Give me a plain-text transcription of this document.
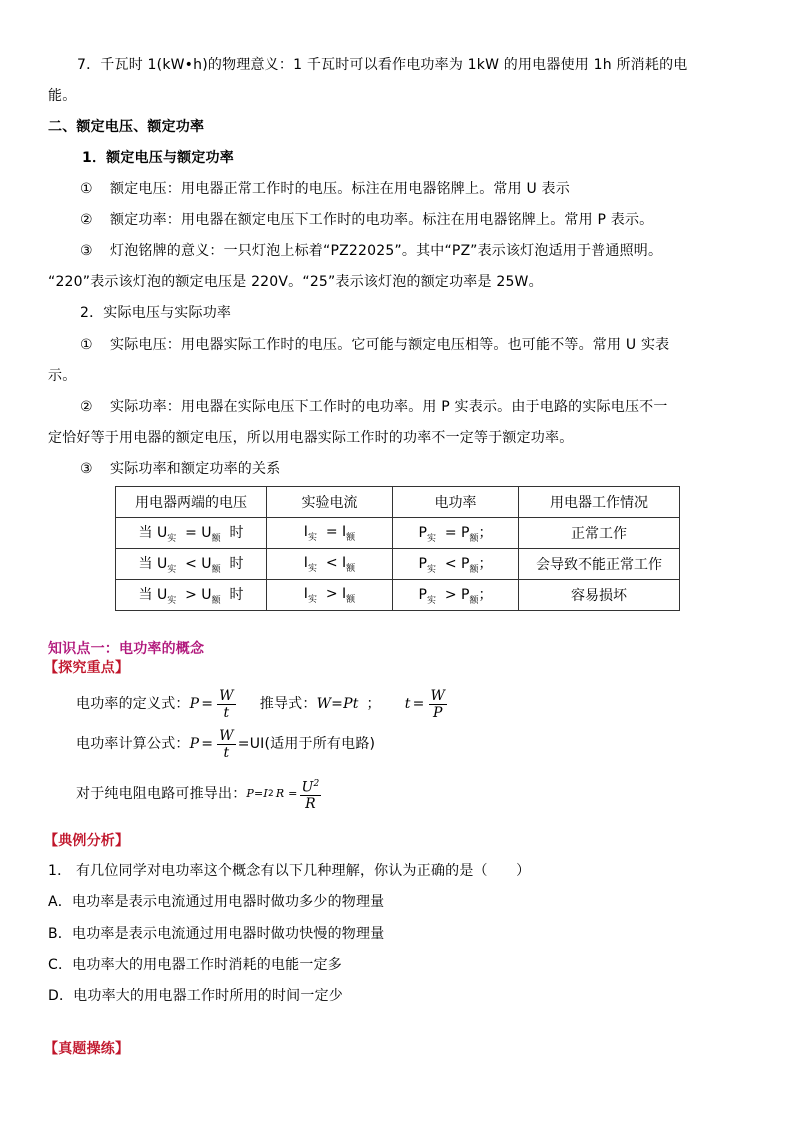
7．千瓦时 1(kW•h)的物理意义：1 千瓦时可以看作电功率为 1kW 的用电器使用 1h 所消耗的电
能。
二、额定电压、额定功率
1．额定电压与额定功率
① 额定电压：用电器正常工作时的电压。标注在用电器铭牌上。常用 U 表示
② 额定功率：用电器在额定电压下工作时的电功率。标注在用电器铭牌上。常用 P 表示。
③ 灯泡铭牌的意义：一只灯泡上标着“PZ22025”。其中“PZ”表示该灯泡适用于普通照明。
“220”表示该灯泡的额定电压是 220V。“25”表示该灯泡的额定功率是 25W。
2．实际电压与实际功率
① 实际电压：用电器实际工作时的电压。它可能与额定电压相等。也可能不等。常用 U 实表
示。
② 实际功率：用电器在实际电压下工作时的电功率。用 P 实表示。由于电路的实际电压不一
定恰好等于用电器的额定电压，所以用电器实际工作时的功率不一定等于额定功率。
③ 实际功率和额定功率的关系
用电器两端的电压	实验电流	电功率	用电器工作情况
当 $U_实 = U_额$ 时	$I_实 = I_额$	$P_实 = P_额$；	正常工作
当 $U_实 < U_额$ 时	$I_实 < I_额$	$P_实 < P_额$；	会导致不能正常工作
当 $U_实 > U_额$ 时	$I_实 > I_额$	$P_实 > P_额$；	容易损坏
知识点一：电功率的概念
【探究重点】
电功率的定义式： $P = \frac{W}{t}$ 推导式： W=Pt ； $t = \frac{W}{P}$
电功率计算公式： $P = \frac{W}{t} =UI$(适用于所有电路)
对于纯电阻电路可推导出： P=I 2 $R = \frac{U^2}{R}$
【典例分析】
1． 有几位同学对电功率这个概念有以下几种理解，你认为正确的是（　　）
A．电功率是表示电流通过用电器时做功多少的物理量
B．电功率是表示电流通过用电器时做功快慢的物理量
C．电功率大的用电器工作时消耗的电能一定多
D．电功率大的用电器工作时所用的时间一定少
【真题操练】
